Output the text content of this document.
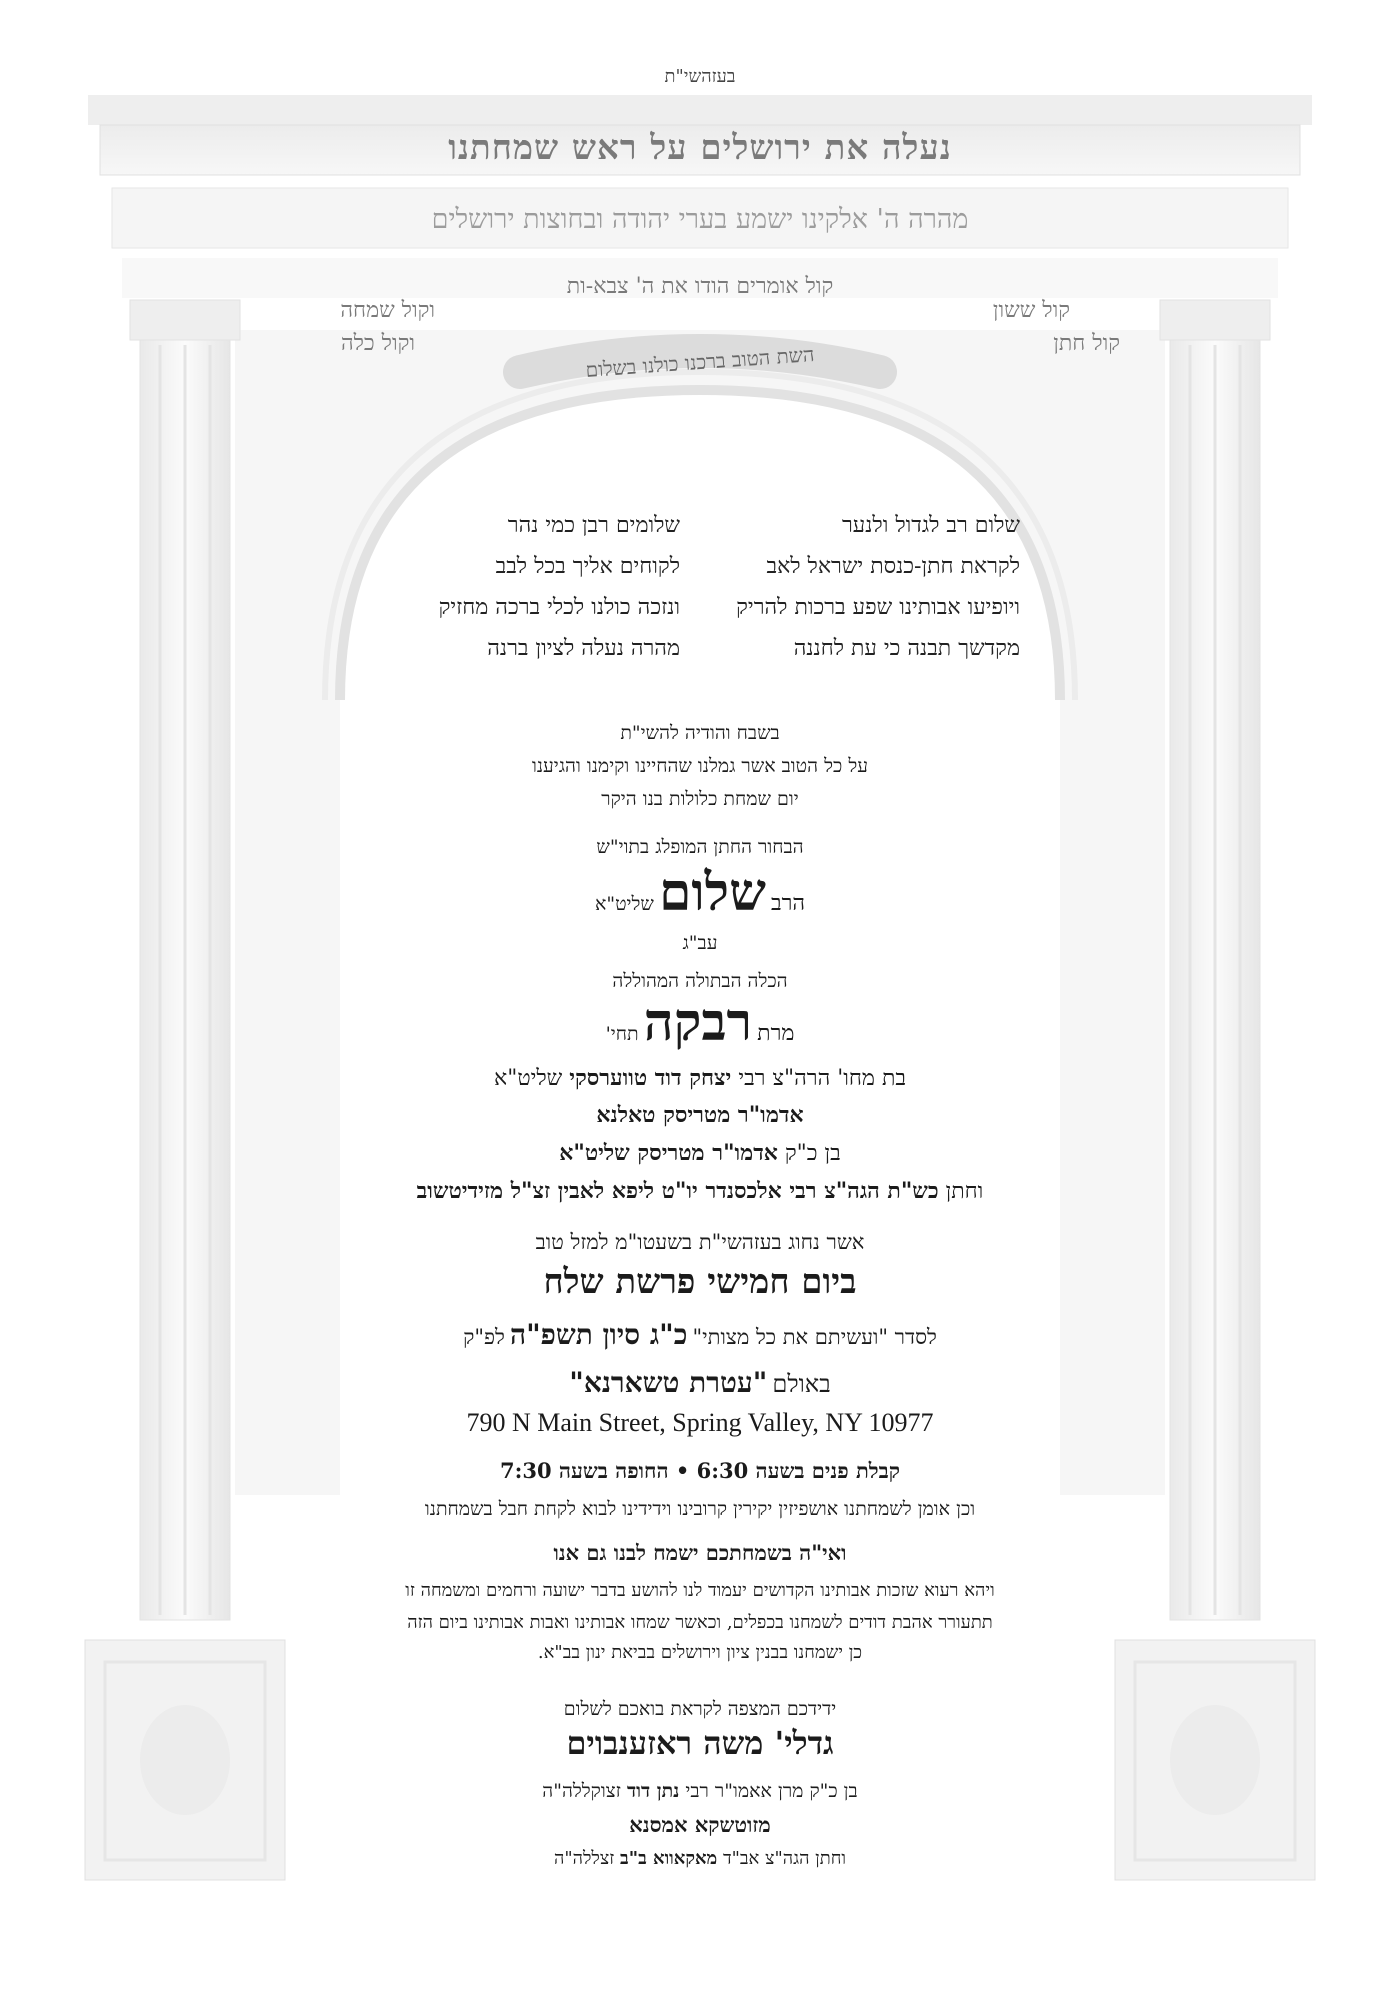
בעזהשי"ת

נעלה את ירושלים על ראש שמחתנו

מהרה ה' אלקינו ישמע בערי יהודה ובחוצות ירושלים

קול אומרים הודו את ה' צבא-ות

וקול שמחה

וקול כלה

קול ששון

קול חתן

השת הטוב ברכנו כולנו בשלום

שלום רב לגדול ולנער
שלומים רבן כמי נהר
לקראת חתן-כנסת ישראל לאב
לקוחים אליך בכל לבב
ויופיעו אבותינו שפע ברכות להריק
ונזכה כולנו לכלי ברכה מחזיק
מקדשך תבנה כי עת לחננה
מהרה נעלה לציון ברנה

בשבח והודיה להשי"ת

על כל הטוב אשר גמלנו שהחיינו וקימנו והגיענו

יום שמחת כלולות בנו היקר

הבחור החתן המופלג בתוי"ש

הרב שלום שליט"א

עב"ג

הכלה הבתולה המהוללה

מרת רבקה תחי'

בת מחו' הרה"צ רבי יצחק דוד טווערסקי שליט"א

אדמו"ר מטריסק טאלנא

בן כ"ק אדמו"ר מטריסק שליט"א

וחתן כש"ת הגה"צ רבי אלכסנדר יו"ט ליפא לאבין זצ"ל מזידיטשוב

אשר נחוג בעזהשי"ת בשעטו"מ למזל טוב

ביום חמישי פרשת שלח

לסדר "ועשיתם את כל מצותי" כ"ג סיון תשפ"ה לפ"ק

באולם "עטרת טשארנא"

790 N Main Street, Spring Valley, NY 10977

קבלת פנים בשעה 6:30 • החופה בשעה 7:30

וכן אומן לשמחתנו אושפיזין יקירין קרובינו וידידינו לבוא לקחת חבל בשמחתנו

ואי"ה בשמחתכם ישמח לבנו גם אנו

ויהא רעוא שזכות אבותינו הקדושים יעמוד לנו להושע בדבר ישועה ורחמים ומשמחה זו

תתעורר אהבת דודים לשמחנו בכפלים, וכאשר שמחו אבותינו ואבות אבותינו ביום הזה

כן ישמחנו בבנין ציון וירושלים בביאת ינון בב"א.

ידידכם המצפה לקראת בואכם לשלום

גדלי' משה ראזענבוים

בן כ"ק מרן אאמו"ר רבי נתן דוד זצוקללה"ה

מזוטשקא אמסנא

וחתן הגה"צ אב"ד מאקאווא ב"ב זצללה"ה
